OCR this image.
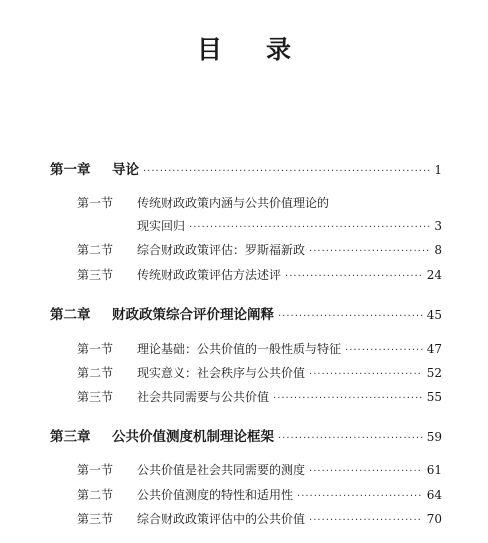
目 录
第一章	导论 ·····	1
第一节	传统财政政策内涵与公共价值理论的
现实回归 ·····	3
第二节	综合财政政策评估：罗斯福新政 ·····	8
第三节	传统财政政策评估方法述评 ·····	24
第二章	财政政策综合评价理论阐释 ·····	45
第一节	理论基础：公共价值的一般性质与特征 ·····	47
第二节	现实意义：社会秩序与公共价值 ·····	52
第三节	社会共同需要与公共价值 ·····	55
第三章	公共价值测度机制理论框架 ·····	59
第一节	公共价值是社会共同需要的测度 ·····	61
第二节	公共价值测度的特性和适用性 ·····	64
第三节	综合财政政策评估中的公共价值 ·····	70
